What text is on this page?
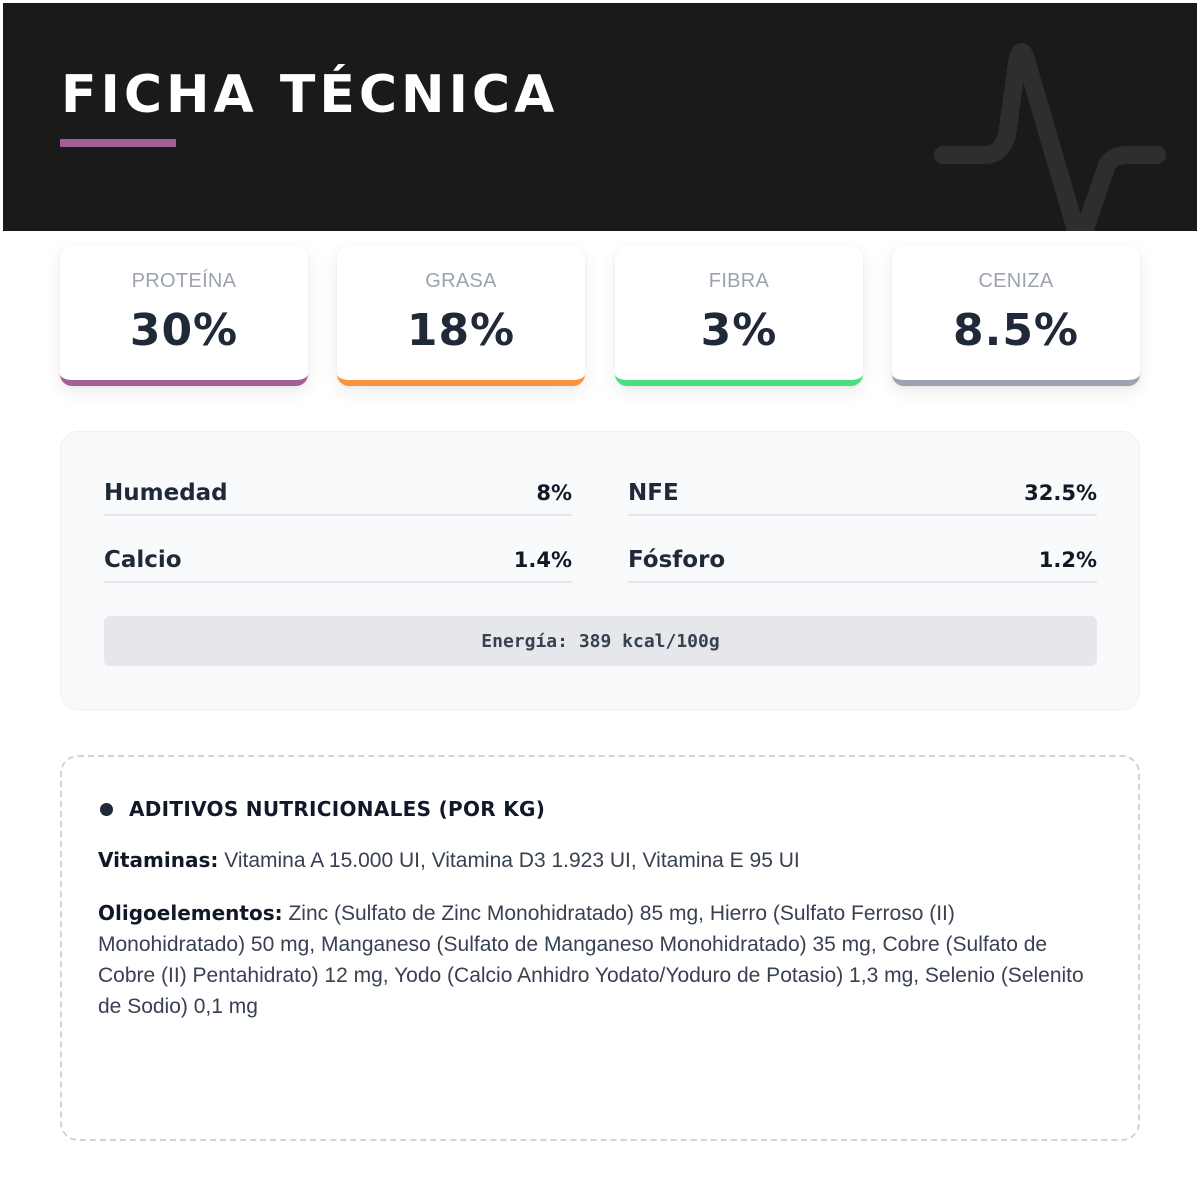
FICHA TÉCNICA
PROTEÍNA
30%
GRASA
18%
FIBRA
3%
CENIZA
8.5%
Humedad	8% NFE	32.5%
Calcio	1.4% Fósforo	1.2%
Energía: 389 kcal/100g
ADITIVOS NUTRICIONALES (POR KG)

Vitaminas: Vitamina A 15.000 UI, Vitamina D3 1.923 UI, Vitamina E 95 UI

Oligoelementos: Zinc (Sulfato de Zinc Monohidratado) 85 mg, Hierro (Sulfato Ferroso (II) Monohidratado) 50 mg, Manganeso (Sulfato de Manganeso Monohidratado) 35 mg, Cobre (Sulfato de Cobre (II) Pentahidrato) 12 mg, Yodo (Calcio Anhidro Yodato/Yoduro de Potasio) 1,3 mg, Selenio (Selenito de Sodio) 0,1 mg
